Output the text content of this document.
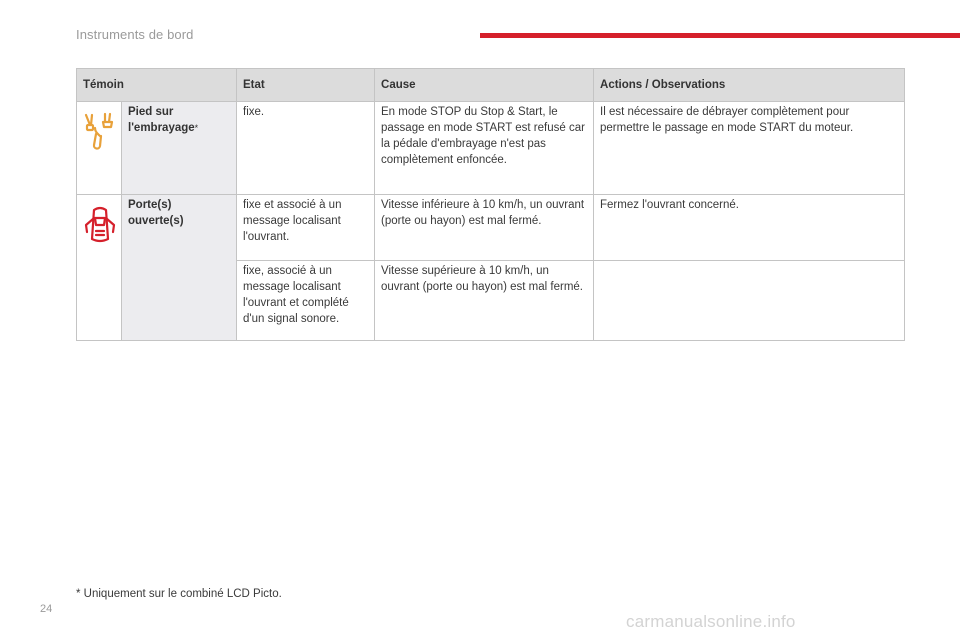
Instruments de bord
Témoin		Etat	Cause	Actions / Observations

	Pied sur l'embrayage*	fixe.	En mode STOP du Stop & Start, le passage en mode START est refusé car la pédale d'embrayage n'est pas complètement enfoncée.	Il est nécessaire de débrayer complètement pour permettre le passage en mode START du moteur.

	Porte(s) ouverte(s)	fixe et associé à un message localisant l'ouvrant.	Vitesse inférieure à 10 km/h, un ouvrant (porte ou hayon) est mal fermé.	Fermez l'ouvrant concerné.
		fixe, associé à un message localisant l'ouvrant et complété d'un signal sonore.	Vitesse supérieure à 10 km/h, un ouvrant (porte ou hayon) est mal fermé.	
* Uniquement sur le combiné LCD Picto.
24
carmanualsonline.info
